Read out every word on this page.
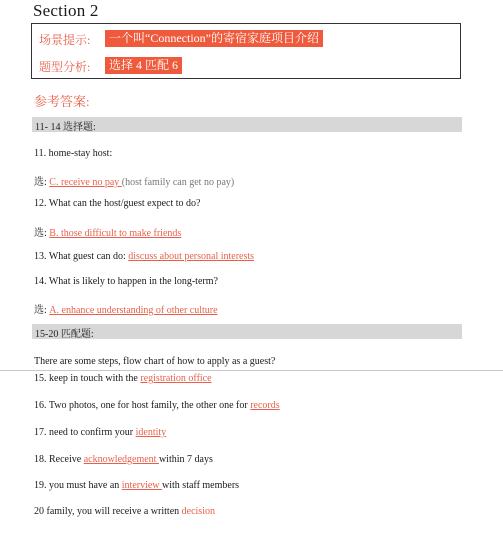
Section 2
场景提示:	一个叫“Connection”的寄宿家庭项目介绍
题型分析:	选择 4 匹配 6
参考答案:
11- 14 选择题:
11. home-stay host:
选: C. receive no pay (host family can get no pay)
12. What can the host/guest expect to do?
选: B. those difficult to make friends
13. What guest can do: discuss about personal interests
14. What is likely to happen in the long-term?
选: A. enhance understanding of other culture
15-20 匹配题:
There are some steps, flow chart of how to apply as a guest?
15. keep in touch with the registration office
16. Two photos, one for host family, the other one for records
17. need to confirm your identity
18. Receive acknowledgement within 7 days
19. you must have an interview with staff members
20 family, you will receive a written decision
